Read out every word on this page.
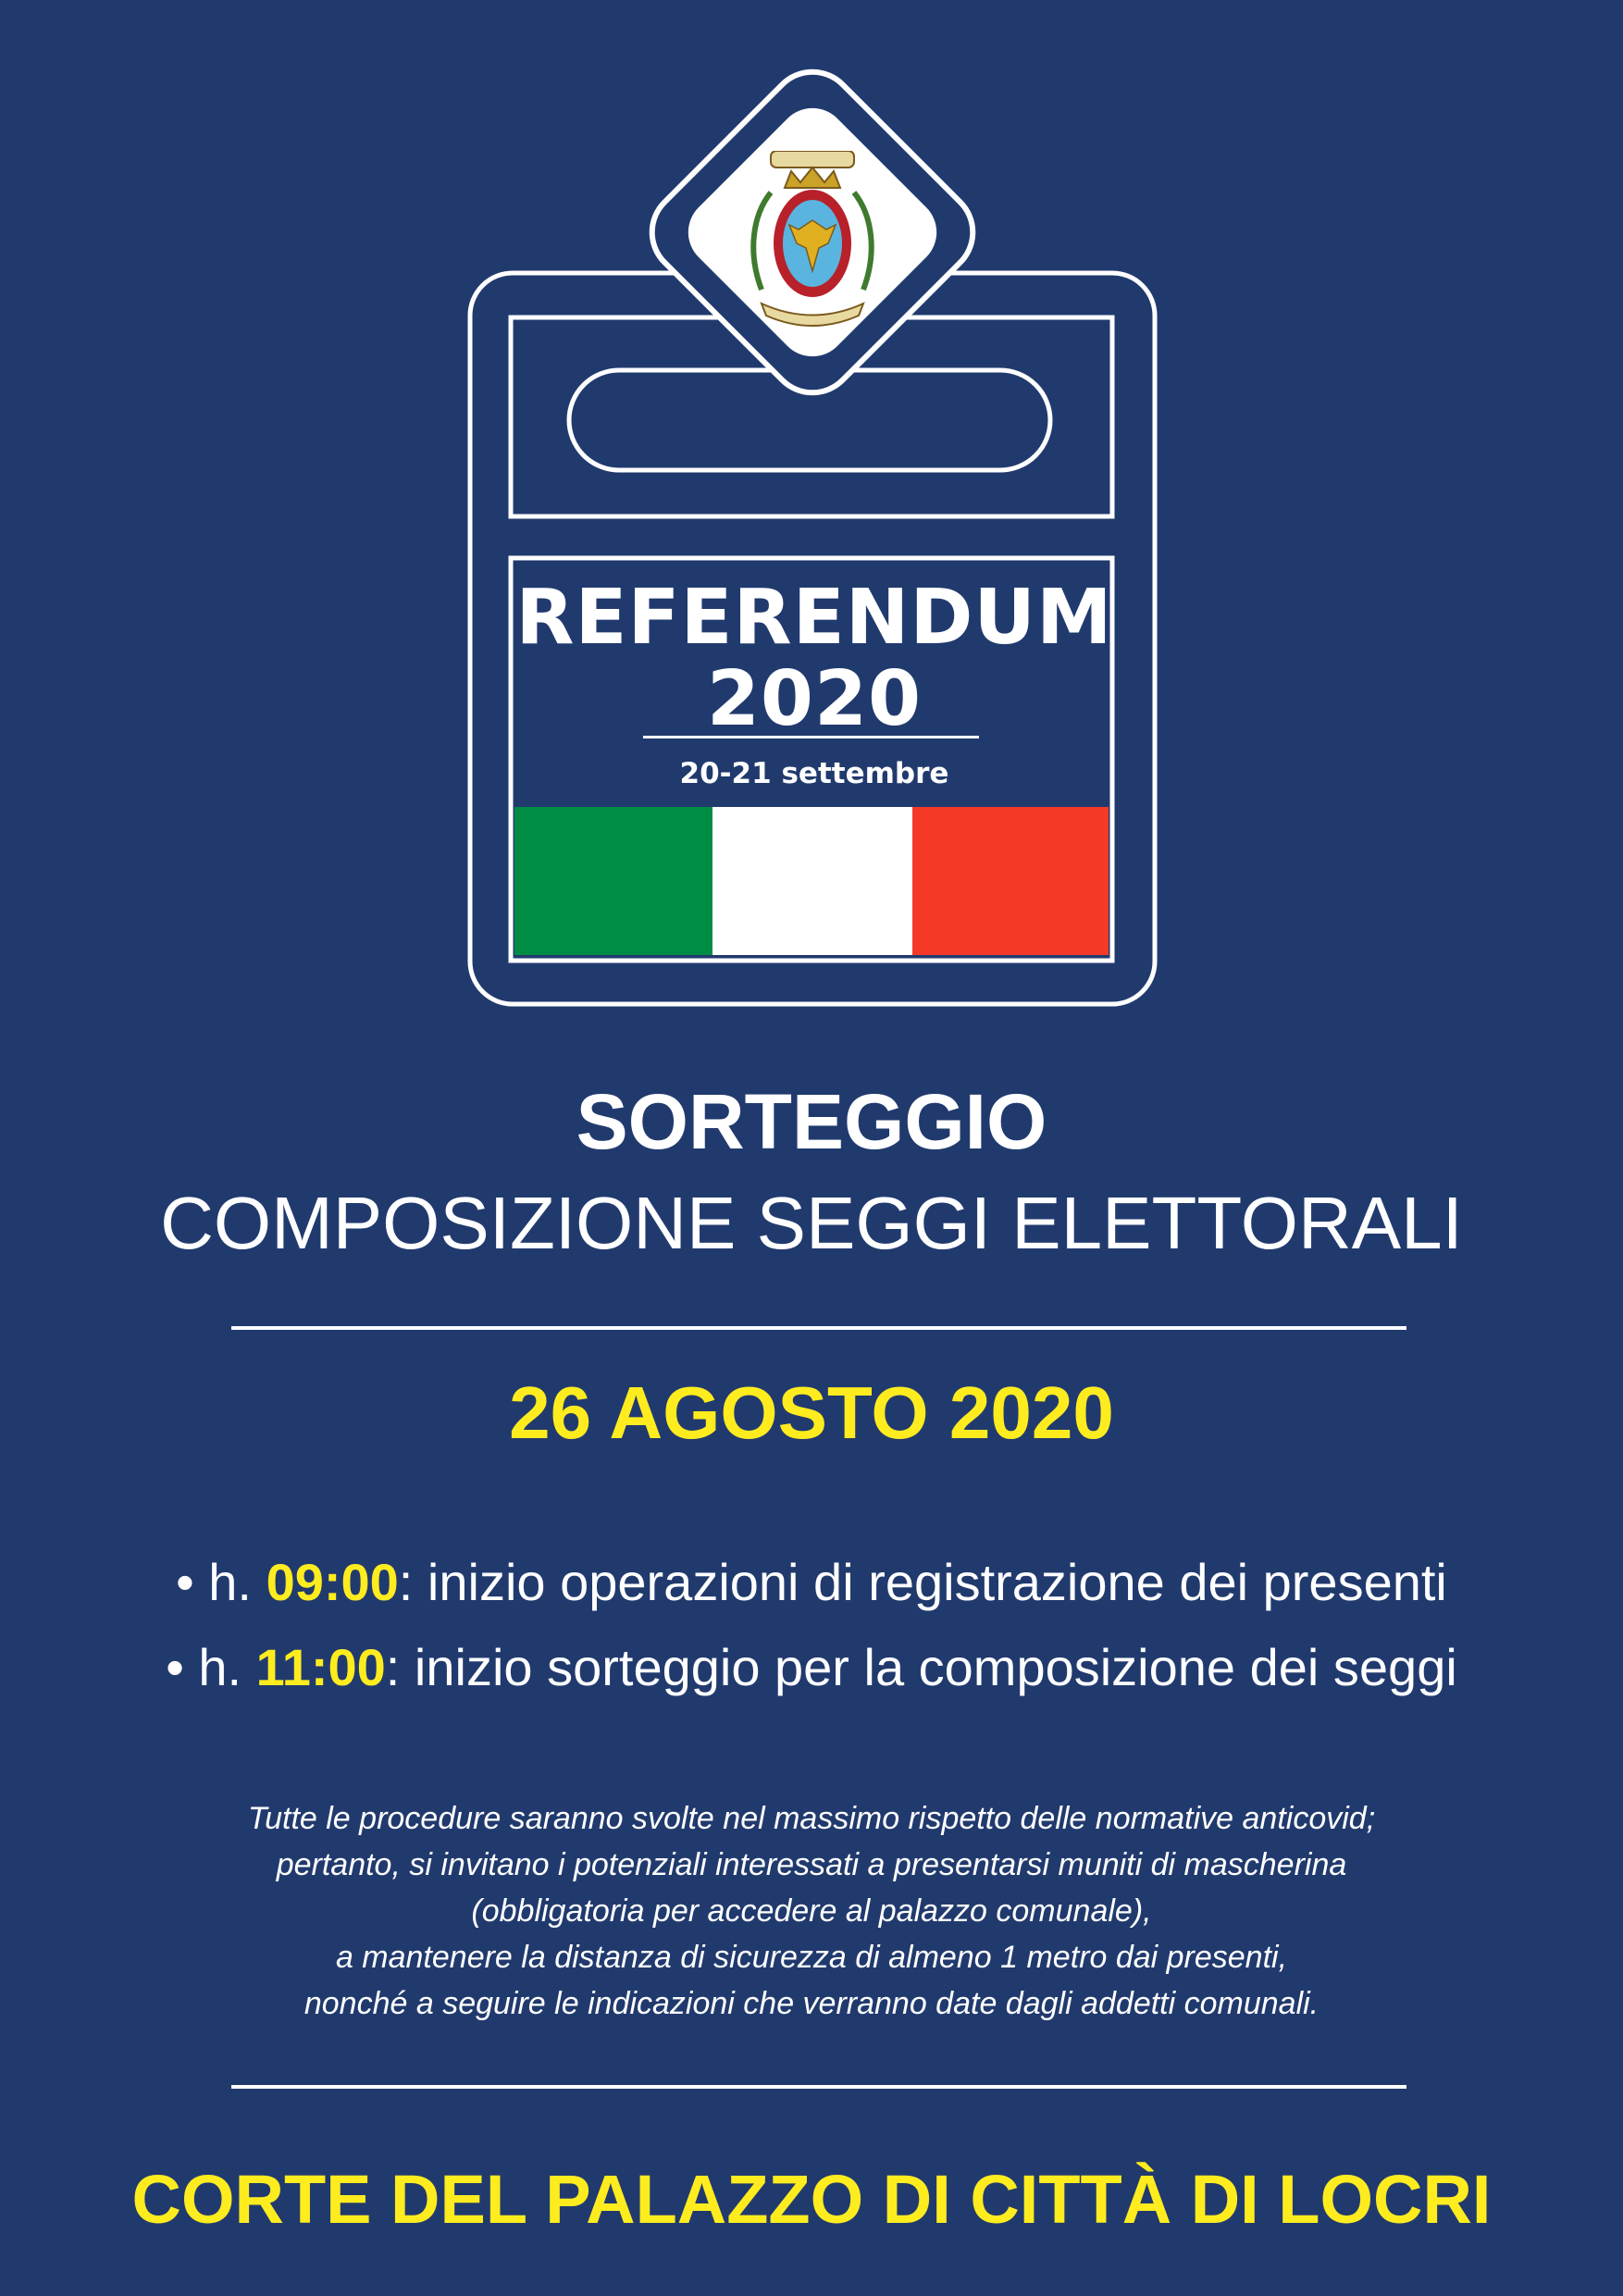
REFERENDUM
2020
20-21 settembre
SORTEGGIO
COMPOSIZIONE SEGGI ELETTORALI
26 AGOSTO 2020
• h. 09:00: inizio operazioni di registrazione dei presenti
• h. 11:00: inizio sorteggio per la composizione dei seggi
Tutte le procedure saranno svolte nel massimo rispetto delle normative anticovid;
pertanto, si invitano i potenziali interessati a presentarsi muniti di mascherina
(obbligatoria per accedere al palazzo comunale),
a mantenere la distanza di sicurezza di almeno 1 metro dai presenti,
nonché a seguire le indicazioni che verranno date dagli addetti comunali.
CORTE DEL PALAZZO DI CITTÀ DI LOCRI
